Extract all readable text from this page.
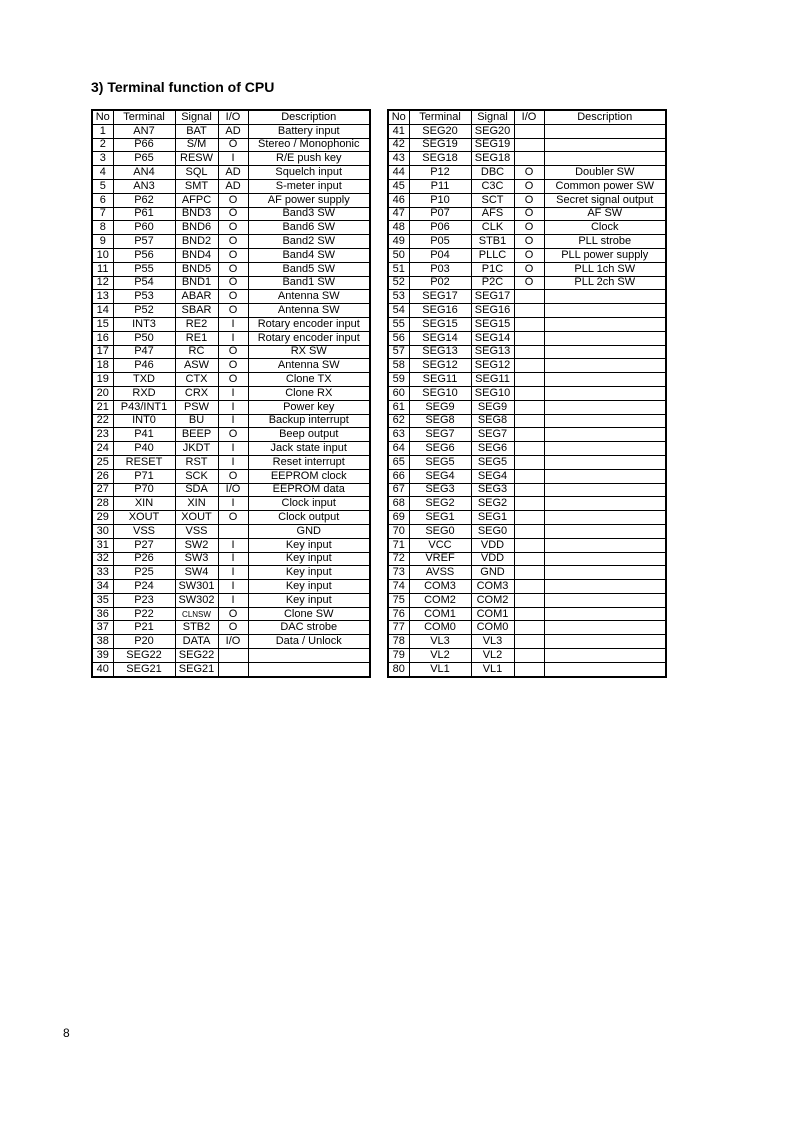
3) Terminal function of CPU
No	Terminal	Signal	I/O	Description
1	AN7	BAT	AD	Battery input
2	P66	S/M	O	Stereo / Monophonic
3	P65	RESW	I	R/E push key
4	AN4	SQL	AD	Squelch input
5	AN3	SMT	AD	S-meter input
6	P62	AFPC	O	AF power supply
7	P61	BND3	O	Band3 SW
8	P60	BND6	O	Band6 SW
9	P57	BND2	O	Band2 SW
10	P56	BND4	O	Band4 SW
11	P55	BND5	O	Band5 SW
12	P54	BND1	O	Band1 SW
13	P53	ABAR	O	Antenna SW
14	P52	SBAR	O	Antenna SW
15	INT3	RE2	I	Rotary encoder input
16	P50	RE1	I	Rotary encoder input
17	P47	RC	O	RX SW
18	P46	ASW	O	Antenna SW
19	TXD	CTX	O	Clone TX
20	RXD	CRX	I	Clone RX
21	P43/INT1	PSW	I	Power key
22	INT0	BU	I	Backup interrupt
23	P41	BEEP	O	Beep output
24	P40	JKDT	I	Jack state input
25	RESET	RST	I	Reset interrupt
26	P71	SCK	O	EEPROM clock
27	P70	SDA	I/O	EEPROM data
28	XIN	XIN	I	Clock input
29	XOUT	XOUT	O	Clock output
30	VSS	VSS		GND
31	P27	SW2	I	Key input
32	P26	SW3	I	Key input
33	P25	SW4	I	Key input
34	P24	SW301	I	Key input
35	P23	SW302	I	Key input
36	P22	CLNSW	O	Clone SW
37	P21	STB2	O	DAC strobe
38	P20	DATA	I/O	Data / Unlock
39	SEG22	SEG22		
40	SEG21	SEG21		
No	Terminal	Signal	I/O	Description
41	SEG20	SEG20		
42	SEG19	SEG19		
43	SEG18	SEG18		
44	P12	DBC	O	Doubler SW
45	P11	C3C	O	Common power SW
46	P10	SCT	O	Secret signal output
47	P07	AFS	O	AF SW
48	P06	CLK	O	Clock
49	P05	STB1	O	PLL strobe
50	P04	PLLC	O	PLL power supply
51	P03	P1C	O	PLL 1ch SW
52	P02	P2C	O	PLL 2ch SW
53	SEG17	SEG17		
54	SEG16	SEG16		
55	SEG15	SEG15		
56	SEG14	SEG14		
57	SEG13	SEG13		
58	SEG12	SEG12		
59	SEG11	SEG11		
60	SEG10	SEG10		
61	SEG9	SEG9		
62	SEG8	SEG8		
63	SEG7	SEG7		
64	SEG6	SEG6		
65	SEG5	SEG5		
66	SEG4	SEG4		
67	SEG3	SEG3		
68	SEG2	SEG2		
69	SEG1	SEG1		
70	SEG0	SEG0		
71	VCC	VDD		
72	VREF	VDD		
73	AVSS	GND		
74	COM3	COM3		
75	COM2	COM2		
76	COM1	COM1		
77	COM0	COM0		
78	VL3	VL3		
79	VL2	VL2		
80	VL1	VL1		
8
